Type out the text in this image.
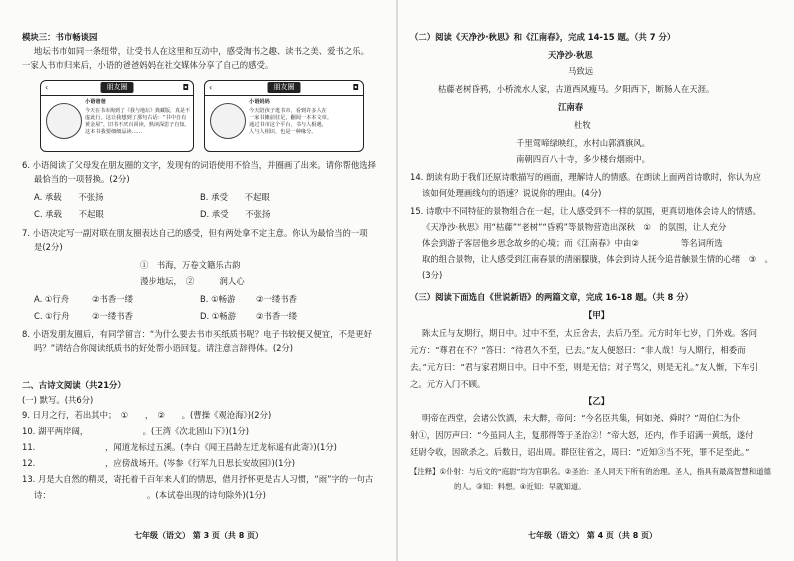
模块三：书市畅谈园
地坛书市如同一条纽带，让受书人在这里和互动中，感受淘书之趣、读书之美、爱书之乐。
一家人书市归来后，小语的爸爸妈妈在社交媒体分享了自己的感受。
‹	朋友圈	◘
小语爸爸
今天在书市淘到了《我与地坛》典藏版，真是不
虚此行。这让我想到了那句古话：“书中自有
黄金屋”。旧书不厌百回读，熟读深思子自知。
这本书我要细细品读……
‹	朋友圈	◘
小语妈妈
今天陪孩子逛书市，看到许多人在
一家书摊前驻足，翻阅一本本文章。
通过书市这个平台，书与人相遇，
人与人相识，也是一种缘分。
6. 小语阅读了父母发在朋友圈的文字，发现有的词语使用不恰当，并圈画了出来。请你帮他选择
最恰当的一项替换。(2分)
A. 承载　　不张扬	B. 承受　　不起眼
C. 承载　　不起眼	D. 承受　　不张扬
7. 小语决定写一副对联在朋友圈表达自己的感受，但有两处拿不定主意。你认为最恰当的一项
是(2分)
①　书海，万卷文籍乐古韵
漫步地坛，　②　　　润人心
A. ①行舟	②书香一缕	B. ①畅游 ②一缕书香
C. ①行舟	②一缕书香	D. ①畅游 ②书香一缕
8. 小语发朋友圈后，有同学留言：“为什么要去书市买纸质书呢？电子书较便又便宜，不是更好
吗？”请结合你阅读纸质书的好处帮小语回复。请注意言辞得体。(2分)
二、古诗文阅读（共21分）
(一) 默写。(共6分)
9. 日月之行，若出其中；　①　　，　②　　。(曹操《观沧海》)(2分)
10. 湖平两岸阔，　　　　　　　。(王湾《次北固山下》)(1分)
11. 　　　　　　　　，闻道龙标过五溪。(李白《闻王昌龄左迁龙标遥有此寄》)(1分)
12. 　　　　　　　　，应傍战场开。(岑参《行军九日思长安故园》)(1分)
13. 月是大自然的精灵，寄托着千百年来人们的情思，借月抒怀更是古人习惯，“雨”字的一句古
诗：　　　　　　　　　　　　。(本试卷出现的诗句除外)(1分)
七年级（语文） 第 3 页（共 8 页）
（二）阅读《天净沙·秋思》和《江南春》，完成 14-15 题。（共 7 分）
天净沙·秋思
马致远
枯藤老树昏鸦，小桥流水人家，古道西风瘦马。夕阳西下，断肠人在天涯。
江南春
杜牧
千里莺啼绿映红，水村山郭酒旗风。
南朝四百八十寺，多少楼台烟雨中。
14. 朗读有助于我们还原诗歌描写的画面，理解诗人的情感。在朗读上面两首诗歌时，你认为应
该如何处理画线句的语速？说说你的理由。(4分)
15. 诗歌中不同特征的景物组合在一起，让人感受到不一样的氛围，更真切地体会诗人的情感。
《天净沙·秋思》用“枯藤”“老树”“昏鸦”等景物营造出深秋　①　的氛围，让人充分
体会到游子客居他乡思念故乡的心境；而《江南春》中由②　　　　　等名词所选
取的组合景物，让人感受到江南春景的清丽朦胧，体会到诗人抚今追昔触景生情的心绪　③　。
(3分)
（三）阅读下面选自《世说新语》的两篇文章，完成 16-18 题。（共 8 分）
【甲】
陈太丘与友期行，期日中。过中不至，太丘舍去，去后乃至。元方时年七岁，门外戏。客问
元方：“尊君在不？”答曰：“待君久不至，已去。”友人便怒曰：“非人哉！与人期行，相委而
去。”元方曰：“君与家君期日中。日中不至，则是无信；对子骂父，则是无礼。”友人惭，下车引
之。元方入门不顾。
【乙】
明帝在西堂，会诸公饮酒，未大醉，帝问：“今名臣共集，何如尧、舜时？”周伯仁为仆
射①，因厉声曰：“今虽同人主，复那得等于圣治②！”帝大怒，还内，作手诏满一黄纸，遂付
廷尉令收，因欲杀之。后数日，诏出周。群臣往省之，周曰：“近知③当不死，罪不足至此。”
【注释】①仆射：与后文的“庭尉”均为官职名。②圣治：圣人同天下所有的治理。圣人，指具有最高智慧和道德
的人。③知：料想。④近知：早就知道。
七年级（语文） 第 4 页（共 8 页）
